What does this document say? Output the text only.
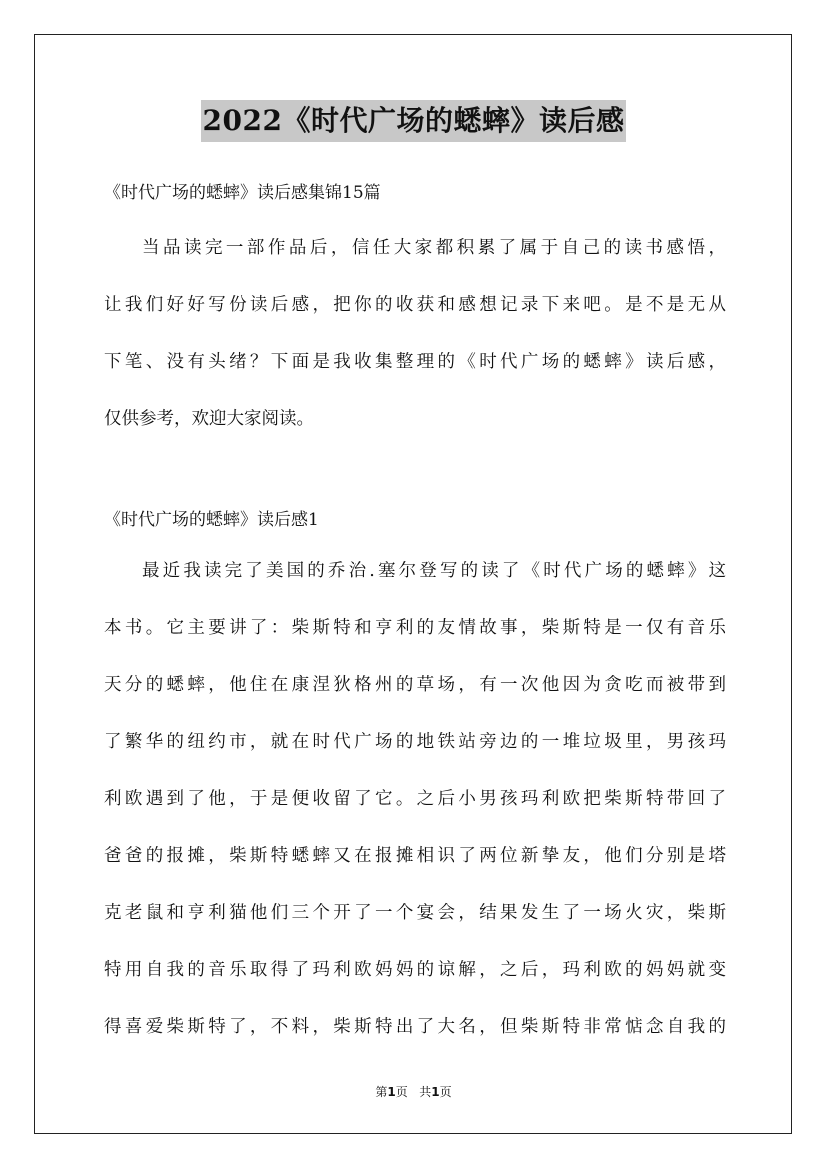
2022《时代广场的蟋蟀》读后感
《时代广场的蟋蟀》读后感集锦15篇
当品读完一部作品后，信任大家都积累了属于自己的读书感悟，
让我们好好写份读后感，把你的收获和感想记录下来吧。是不是无从
下笔、没有头绪？下面是我收集整理的《时代广场的蟋蟀》读后感，
仅供参考，欢迎大家阅读。
《时代广场的蟋蟀》读后感1
最近我读完了美国的乔治.塞尔登写的读了《时代广场的蟋蟀》这
本书。它主要讲了：柴斯特和亨利的友情故事，柴斯特是一仅有音乐
天分的蟋蟀，他住在康涅狄格州的草场，有一次他因为贪吃而被带到
了繁华的纽约市，就在时代广场的地铁站旁边的一堆垃圾里，男孩玛
利欧遇到了他，于是便收留了它。之后小男孩玛利欧把柴斯特带回了
爸爸的报摊，柴斯特蟋蟀又在报摊相识了两位新挚友，他们分别是塔
克老鼠和亨利猫他们三个开了一个宴会，结果发生了一场火灾，柴斯
特用自我的音乐取得了玛利欧妈妈的谅解，之后，玛利欧的妈妈就变
得喜爱柴斯特了，不料，柴斯特出了大名，但柴斯特非常惦念自我的
第1页 共1页
